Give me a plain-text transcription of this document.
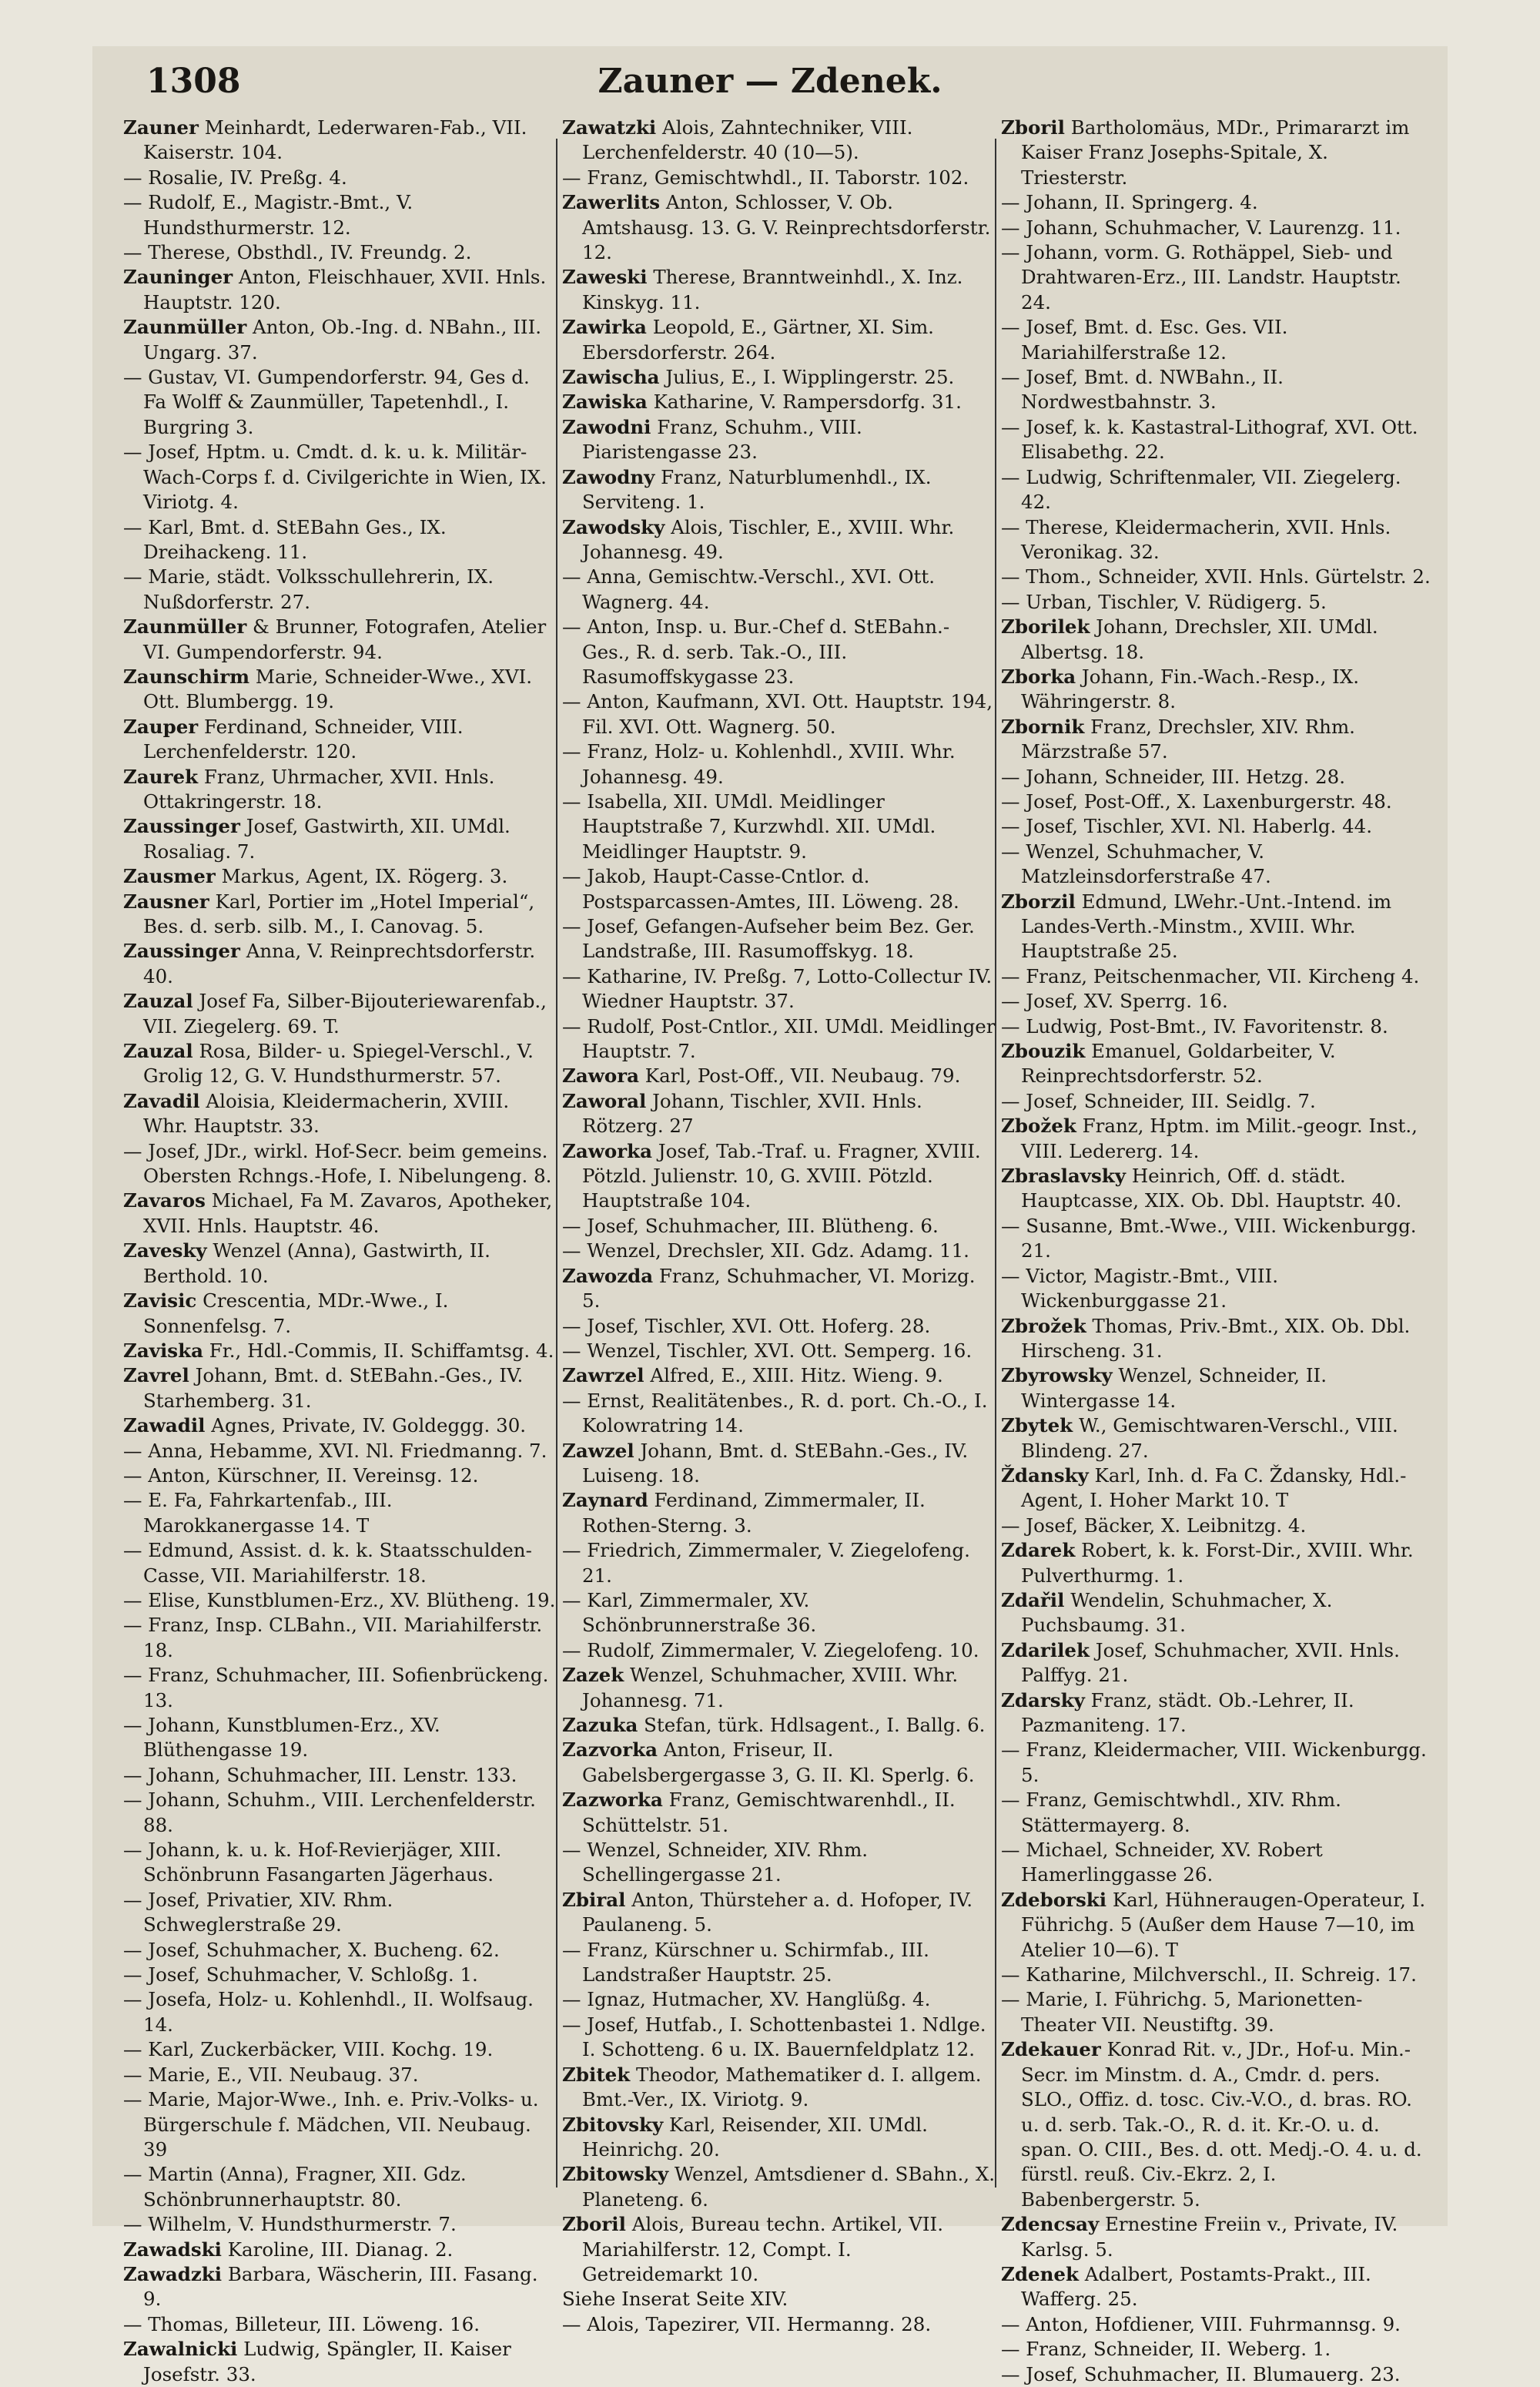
1308	Zauner — Zdenek.

Zauner Meinhardt, Lederwaren-Fab., VII. Kaiserstr. 104.

— Rosalie, IV. Preßg. 4.

— Rudolf, E., Magistr.-Bmt., V. Hundsthurmerstr. 12.

— Therese, Obsthdl., IV. Freundg. 2.

Zauninger Anton, Fleischhauer, XVII. Hnls. Hauptstr. 120.

Zaunmüller Anton, Ob.-Ing. d. NBahn., III. Ungarg. 37.

— Gustav, VI. Gumpendorferstr. 94, Ges d. Fa Wolff & Zaunmüller, Tapetenhdl., I. Burgring 3.

— Josef, Hptm. u. Cmdt. d. k. u. k. Militär-Wach-Corps f. d. Civilgerichte in Wien, IX. Viriotg. 4.

— Karl, Bmt. d. StEBahn Ges., IX. Dreihackeng. 11.

— Marie, städt. Volksschullehrerin, IX. Nußdorferstr. 27.

Zaunmüller & Brunner, Fotografen, Atelier VI. Gumpendorferstr. 94.

Zaunschirm Marie, Schneider-Wwe., XVI. Ott. Blumbergg. 19.

Zauper Ferdinand, Schneider, VIII. Lerchenfelderstr. 120.

Zaurek Franz, Uhrmacher, XVII. Hnls. Ottakringerstr. 18.

Zaussinger Josef, Gastwirth, XII. UMdl. Rosaliag. 7.

Zausmer Markus, Agent, IX. Rögerg. 3.

Zausner Karl, Portier im „Hotel Imperial“, Bes. d. serb. silb. M., I. Canovag. 5.

Zaussinger Anna, V. Reinprechtsdorferstr. 40.

Zauzal Josef Fa, Silber-Bijouteriewarenfab., VII. Ziegelerg. 69. T.

Zauzal Rosa, Bilder- u. Spiegel-Verschl., V. Grolig 12, G. V. Hundsthurmerstr. 57.

Zavadil Aloisia, Kleidermacherin, XVIII. Whr. Hauptstr. 33.

— Josef, JDr., wirkl. Hof-Secr. beim gemeins. Obersten Rchngs.-Hofe, I. Nibelungeng. 8.

Zavaros Michael, Fa M. Zavaros, Apotheker, XVII. Hnls. Hauptstr. 46.

Zavesky Wenzel (Anna), Gastwirth, II. Berthold. 10.

Zavisic Crescentia, MDr.-Wwe., I. Sonnenfelsg. 7.

Zaviska Fr., Hdl.-Commis, II. Schiffamtsg. 4.

Zavrel Johann, Bmt. d. StEBahn.-Ges., IV. Starhemberg. 31.

Zawadil Agnes, Private, IV. Goldeggg. 30.

— Anna, Hebamme, XVI. Nl. Friedmanng. 7.

— Anton, Kürschner, II. Vereinsg. 12.

— E. Fa, Fahrkartenfab., III. Marokkanergasse 14. T

— Edmund, Assist. d. k. k. Staatsschulden-Casse, VII. Mariahilferstr. 18.

— Elise, Kunstblumen-Erz., XV. Blütheng. 19.

— Franz, Insp. CLBahn., VII. Mariahilferstr. 18.

— Franz, Schuhmacher, III. Sofienbrückeng. 13.

— Johann, Kunstblumen-Erz., XV. Blüthengasse 19.

— Johann, Schuhmacher, III. Lenstr. 133.

— Johann, Schuhm., VIII. Lerchenfelderstr. 88.

— Johann, k. u. k. Hof-Revierjäger, XIII. Schönbrunn Fasangarten Jägerhaus.

— Josef, Privatier, XIV. Rhm. Schweglerstraße 29.

— Josef, Schuhmacher, X. Bucheng. 62.

— Josef, Schuhmacher, V. Schloßg. 1.

— Josefa, Holz- u. Kohlenhdl., II. Wolfsaug. 14.

— Karl, Zuckerbäcker, VIII. Kochg. 19.

— Marie, E., VII. Neubaug. 37.

— Marie, Major-Wwe., Inh. e. Priv.-Volks- u. Bürgerschule f. Mädchen, VII. Neubaug. 39

— Martin (Anna), Fragner, XII. Gdz. Schönbrunnerhauptstr. 80.

— Wilhelm, V. Hundsthurmerstr. 7.

Zawadski Karoline, III. Dianag. 2.

Zawadzki Barbara, Wäscherin, III. Fasang. 9.

— Thomas, Billeteur, III. Löweng. 16.

Zawalnicki Ludwig, Spängler, II. Kaiser Josefstr. 33.

Zawatzki Alois, Zahntechniker, VIII. Lerchenfelderstr. 40 (10—5).

— Franz, Gemischtwhdl., II. Taborstr. 102.

Zawerlits Anton, Schlosser, V. Ob. Amtshausg. 13. G. V. Reinprechtsdorferstr. 12.

Zaweski Therese, Branntweinhdl., X. Inz. Kinskyg. 11.

Zawirka Leopold, E., Gärtner, XI. Sim. Ebersdorferstr. 264.

Zawischa Julius, E., I. Wipplingerstr. 25.

Zawiska Katharine, V. Rampersdorfg. 31.

Zawodni Franz, Schuhm., VIII. Piaristengasse 23.

Zawodny Franz, Naturblumenhdl., IX. Serviteng. 1.

Zawodsky Alois, Tischler, E., XVIII. Whr. Johannesg. 49.

— Anna, Gemischtw.-Verschl., XVI. Ott. Wagnerg. 44.

— Anton, Insp. u. Bur.-Chef d. StEBahn.-Ges., R. d. serb. Tak.-O., III. Rasumoffskygasse 23.

— Anton, Kaufmann, XVI. Ott. Hauptstr. 194, Fil. XVI. Ott. Wagnerg. 50.

— Franz, Holz- u. Kohlenhdl., XVIII. Whr. Johannesg. 49.

— Isabella, XII. UMdl. Meidlinger Hauptstraße 7, Kurzwhdl. XII. UMdl. Meidlinger Hauptstr. 9.

— Jakob, Haupt-Casse-Cntlor. d. Postsparcassen-Amtes, III. Löweng. 28.

— Josef, Gefangen-Aufseher beim Bez. Ger. Landstraße, III. Rasumoffskyg. 18.

— Katharine, IV. Preßg. 7, Lotto-Collectur IV. Wiedner Hauptstr. 37.

— Rudolf, Post-Cntlor., XII. UMdl. Meidlinger Hauptstr. 7.

Zawora Karl, Post-Off., VII. Neubaug. 79.

Zaworal Johann, Tischler, XVII. Hnls. Rötzerg. 27

Zaworka Josef, Tab.-Traf. u. Fragner, XVIII. Pötzld. Julienstr. 10, G. XVIII. Pötzld. Hauptstraße 104.

— Josef, Schuhmacher, III. Blütheng. 6.

— Wenzel, Drechsler, XII. Gdz. Adamg. 11.

Zawozda Franz, Schuhmacher, VI. Morizg. 5.

— Josef, Tischler, XVI. Ott. Hoferg. 28.

— Wenzel, Tischler, XVI. Ott. Semperg. 16.

Zawrzel Alfred, E., XIII. Hitz. Wieng. 9.

— Ernst, Realitätenbes., R. d. port. Ch.-O., I. Kolowratring 14.

Zawzel Johann, Bmt. d. StEBahn.-Ges., IV. Luiseng. 18.

Zaynard Ferdinand, Zimmermaler, II. Rothen-Sterng. 3.

— Friedrich, Zimmermaler, V. Ziegelofeng. 21.

— Karl, Zimmermaler, XV. Schönbrunnerstraße 36.

— Rudolf, Zimmermaler, V. Ziegelofeng. 10.

Zazek Wenzel, Schuhmacher, XVIII. Whr. Johannesg. 71.

Zazuka Stefan, türk. Hdlsagent., I. Ballg. 6.

Zazvorka Anton, Friseur, II. Gabelsbergergasse 3, G. II. Kl. Sperlg. 6.

Zazworka Franz, Gemischtwarenhdl., II. Schüttelstr. 51.

— Wenzel, Schneider, XIV. Rhm. Schellingergasse 21.

Zbiral Anton, Thürsteher a. d. Hofoper, IV. Paulaneng. 5.

— Franz, Kürschner u. Schirmfab., III. Landstraßer Hauptstr. 25.

— Ignaz, Hutmacher, XV. Hanglüßg. 4.

— Josef, Hutfab., I. Schottenbastei 1. Ndlge. I. Schotteng. 6 u. IX. Bauernfeldplatz 12.

Zbitek Theodor, Mathematiker d. I. allgem. Bmt.-Ver., IX. Viriotg. 9.

Zbitovsky Karl, Reisender, XII. UMdl. Heinrichg. 20.

Zbitowsky Wenzel, Amtsdiener d. SBahn., X. Planeteng. 6.

Zboril Alois, Bureau techn. Artikel, VII. Mariahilferstr. 12, Compt. I. Getreidemarkt 10.

Siehe Inserat Seite XIV.

— Alois, Tapezirer, VII. Hermanng. 28.

Zboril Bartholomäus, MDr., Primararzt im Kaiser Franz Josephs-Spitale, X. Triesterstr.

— Johann, II. Springerg. 4.

— Johann, Schuhmacher, V. Laurenzg. 11.

— Johann, vorm. G. Rothäppel, Sieb- und Drahtwaren-Erz., III. Landstr. Hauptstr. 24.

— Josef, Bmt. d. Esc. Ges. VII. Mariahilferstraße 12.

— Josef, Bmt. d. NWBahn., II. Nordwestbahnstr. 3.

— Josef, k. k. Kastastral-Lithograf, XVI. Ott. Elisabethg. 22.

— Ludwig, Schriftenmaler, VII. Ziegelerg. 42.

— Therese, Kleidermacherin, XVII. Hnls. Veronikag. 32.

— Thom., Schneider, XVII. Hnls. Gürtelstr. 2.

— Urban, Tischler, V. Rüdigerg. 5.

Zborilek Johann, Drechsler, XII. UMdl. Albertsg. 18.

Zborka Johann, Fin.-Wach.-Resp., IX. Währingerstr. 8.

Zbornik Franz, Drechsler, XIV. Rhm. Märzstraße 57.

— Johann, Schneider, III. Hetzg. 28.

— Josef, Post-Off., X. Laxenburgerstr. 48.

— Josef, Tischler, XVI. Nl. Haberlg. 44.

— Wenzel, Schuhmacher, V. Matzleinsdorferstraße 47.

Zborzil Edmund, LWehr.-Unt.-Intend. im Landes-Verth.-Minstm., XVIII. Whr. Hauptstraße 25.

— Franz, Peitschenmacher, VII. Kircheng 4.

— Josef, XV. Sperrg. 16.

— Ludwig, Post-Bmt., IV. Favoritenstr. 8.

Zbouzik Emanuel, Goldarbeiter, V. Reinprechtsdorferstr. 52.

— Josef, Schneider, III. Seidlg. 7.

Zbožek Franz, Hptm. im Milit.-geogr. Inst., VIII. Ledererg. 14.

Zbraslavsky Heinrich, Off. d. städt. Hauptcasse, XIX. Ob. Dbl. Hauptstr. 40.

— Susanne, Bmt.-Wwe., VIII. Wickenburgg. 21.

— Victor, Magistr.-Bmt., VIII. Wickenburggasse 21.

Zbrožek Thomas, Priv.-Bmt., XIX. Ob. Dbl. Hirscheng. 31.

Zbyrowsky Wenzel, Schneider, II. Wintergasse 14.

Zbytek W., Gemischtwaren-Verschl., VIII. Blindeng. 27.

Ždansky Karl, Inh. d. Fa C. Ždansky, Hdl.-Agent, I. Hoher Markt 10. T

— Josef, Bäcker, X. Leibnitzg. 4.

Zdarek Robert, k. k. Forst-Dir., XVIII. Whr. Pulverthurmg. 1.

Zdařil Wendelin, Schuhmacher, X. Puchsbaumg. 31.

Zdarilek Josef, Schuhmacher, XVII. Hnls. Palffyg. 21.

Zdarsky Franz, städt. Ob.-Lehrer, II. Pazmaniteng. 17.

— Franz, Kleidermacher, VIII. Wickenburgg. 5.

— Franz, Gemischtwhdl., XIV. Rhm. Stättermayerg. 8.

— Michael, Schneider, XV. Robert Hamerlinggasse 26.

Zdeborski Karl, Hühneraugen-Operateur, I. Führichg. 5 (Außer dem Hause 7—10, im Atelier 10—6). T

— Katharine, Milchverschl., II. Schreig. 17.

— Marie, I. Führichg. 5, Marionetten-Theater VII. Neustiftg. 39.

Zdekauer Konrad Rit. v., JDr., Hof-u. Min.-Secr. im Minstm. d. A., Cmdr. d. pers. SLO., Offiz. d. tosc. Civ.-V.O., d. bras. RO. u. d. serb. Tak.-O., R. d. it. Kr.-O. u. d. span. O. CIII., Bes. d. ott. Medj.-O. 4. u. d. fürstl. reuß. Civ.-Ekrz. 2, I. Babenbergerstr. 5.

Zdencsay Ernestine Freiin v., Private, IV. Karlsg. 5.

Zdenek Adalbert, Postamts-Prakt., III. Wafferg. 25.

— Anton, Hofdiener, VIII. Fuhrmannsg. 9.

— Franz, Schneider, II. Weberg. 1.

— Josef, Schuhmacher, II. Blumauerg. 23.
